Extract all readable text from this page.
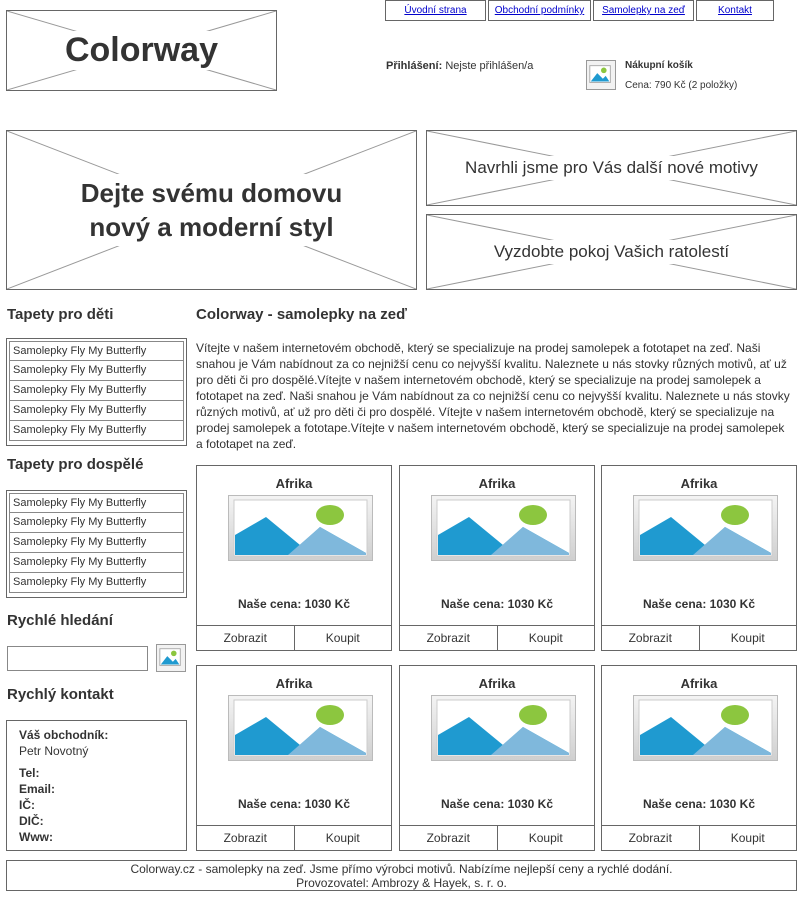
Colorway
Úvodní strana	Obchodní podmínky	Samolepky na zeď	Kontakt
Přihlášení: Nejste přihlášen/a	Nákupní košík
Cena: 790 Kč (2 položky)
Dejte svému domovu
nový a moderní styl
Navrhli jsme pro Vás další nové motivy
Vyzdobte pokoj Vašich ratolestí
Tapety pro děti
Samolepky Fly My Butterfly
Samolepky Fly My Butterfly
Samolepky Fly My Butterfly
Samolepky Fly My Butterfly
Samolepky Fly My Butterfly
Tapety pro dospělé
Samolepky Fly My Butterfly
Samolepky Fly My Butterfly
Samolepky Fly My Butterfly
Samolepky Fly My Butterfly
Samolepky Fly My Butterfly
Rychlé hledání
Rychlý kontakt
Váš obchodník:
Petr Novotný
Tel:
Email:
IČ:
DIČ:
Www:
Colorway - samolepky na zeď

Vítejte v našem internetovém obchodě, který se specializuje na prodej samolepek a fototapet na zeď. Naši snahou je Vám nabídnout za co nejnižší cenu co nejvyšší kvalitu. Naleznete u nás stovky různých motivů, ať už pro děti či pro dospělé.Vítejte v našem internetovém obchodě, který se specializuje na prodej samolepek a fototapet na zeď. Naši snahou je Vám nabídnout za co nejnižší cenu co nejvyšší kvalitu. Naleznete u nás stovky různých motivů, ať už pro děti či pro dospělé. Vítejte v našem internetovém obchodě, který se specializuje na prodej samolepek a fototape.Vítejte v našem internetovém obchodě, který se specializuje na prodej samolepek a fototapet na zeď.

Afrika
Naše cena: 1030 Kč
Zobrazit	Koupit
Afrika
Naše cena: 1030 Kč
Zobrazit	Koupit
Afrika
Naše cena: 1030 Kč
Zobrazit	Koupit
Afrika
Naše cena: 1030 Kč
Zobrazit	Koupit
Afrika
Naše cena: 1030 Kč
Zobrazit	Koupit
Afrika
Naše cena: 1030 Kč
Zobrazit	Koupit
Colorway.cz - samolepky na zeď. Jsme přímo výrobci motivů. Nabízíme nejlepší ceny a rychlé dodání.
Provozovatel: Ambrozy & Hayek, s. r. o.
